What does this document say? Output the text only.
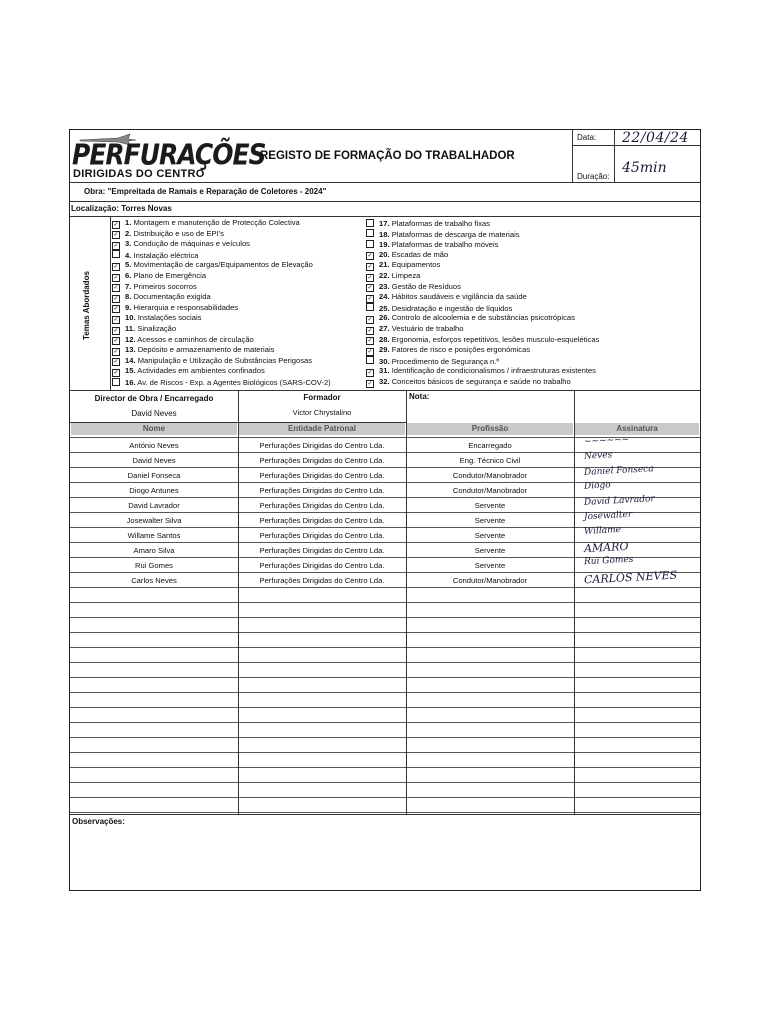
PERFURAÇÕES
DIRIGIDAS DO CENTRO
REGISTO DE FORMAÇÃO DO TRABALHADOR
Data: 22/04/24
Duração:
45min
Obra: "Empreitada de Ramais e Reparação de Coletores - 2024"
Localização: Torres Novas
Temas Abordados
✓ 1. Montagem e manutenção de Protecção Colectiva
✓ 2. Distribuição e uso de EPI's
✓ 3. Condução de máquinas e veículos
4. Instalação eléctrica
✓ 5. Movimentação de cargas/Equipamentos de Elevação
✓ 6. Plano de Emergência
✓ 7. Primeiros socorros
✓ 8. Documentação exigida
✓ 9. Hierarquia e responsabilidades
✓ 10. Instalações sociais
✓ 11. Sinalização
✓ 12. Acessos e caminhos de circulação
✓ 13. Depósito e armazenamento de materiais
✓ 14. Manipulação e Utilização de Substâncias Perigosas
✓ 15. Actividades em ambientes confinados
16. Av. de Riscos - Exp. a Agentes Biológicos (SARS-COV-2)
17. Plataformas de trabalho fixas
18. Plataformas de descarga de materiais
19. Plataformas de trabalho móveis
✓ 20. Escadas de mão
✓ 21. Equipamentos
✓ 22. Limpeza
✓ 23. Gestão de Resíduos
✓ 24. Hábitos saudáveis e vigilância da saúde
25. Desidratação e ingestão de líquidos
✓ 26. Controlo de alcoolemia e de substâncias psicotrópicas
✓ 27. Vestuário de trabalho
✓ 28. Ergonomia, esforços repetitivos, lesões musculo-esqueléticas
✓ 29. Fatores de risco e posições ergonómicas
30. Procedimento de Segurança n.º
✓ 31. Identificação de condicionalismos / infraestruturas existentes
✓ 32. Conceitos básicos de segurança e saúde no trabalho
Director de Obra / Encarregado
David Neves
Formador
Victor Chrystalino
Nota:
Nome	Entidade Patronal	Profissão	Assinatura
António Neves	Perfurações Dirigidas do Centro Lda.	Encarregado	~~~~~~
David Neves	Perfurações Dirigidas do Centro Lda.	Eng. Técnico Civil	Neves
Daniel Fonseca	Perfurações Dirigidas do Centro Lda.	Condutor/Manobrador	Daniel Fonseca
Diogo Antunes	Perfurações Dirigidas do Centro Lda.	Condutor/Manobrador	Diogo
David Lavrador	Perfurações Dirigidas do Centro Lda.	Servente	David Lavrador
Josewalter Silva	Perfurações Dirigidas do Centro Lda.	Servente	Josewalter
Willame Santos	Perfurações Dirigidas do Centro Lda.	Servente	Willame
Amaro Silva	Perfurações Dirigidas do Centro Lda.	Servente	AMARO
Rui Gomes	Perfurações Dirigidas do Centro Lda.	Servente	Rui Gomes
Carlos Neves	Perfurações Dirigidas do Centro Lda.	Condutor/Manobrador	CARLOS NEVES
Observações:
